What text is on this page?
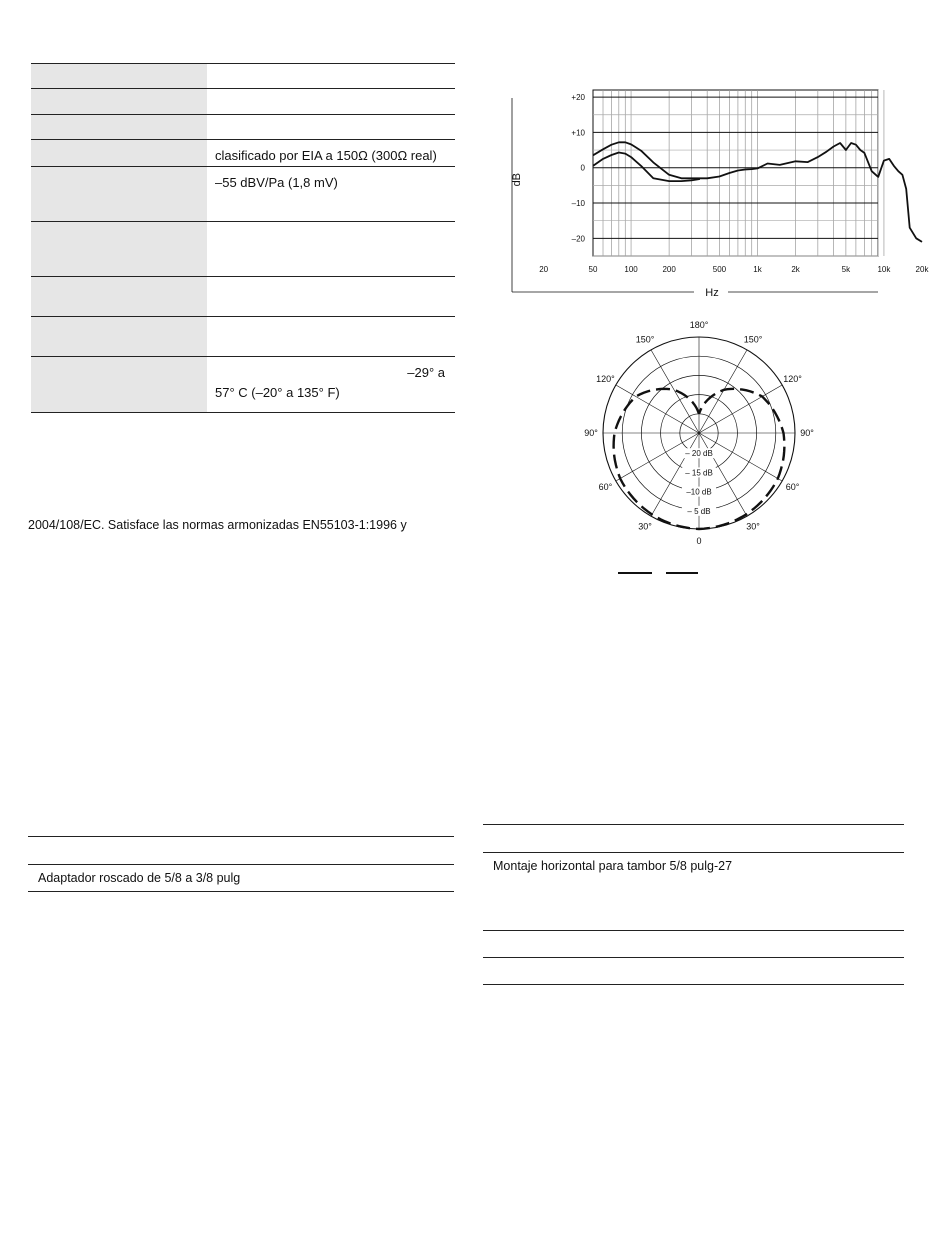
	clasificado por EIA a 150Ω (300Ω real)
	–55 dBV/Pa (1,8 mV)

	–29° a
57° C (–20° a 135° F)
2004/108/EC. Satisface las normas armonizadas EN55103-1:1996 y

Adaptador roscado de 5/8 a 3/8 pulg

Montaje horizontal para tambor 5/8 pulg-27

+20
+10
0
–10
–20
20	50	100	200	500	1k	2k	5k	10k	20k
dB
Hz
– 20 dB
– 15 dB
–10 dB
– 5 dB
180°
150°	150°
120°	120°
90°	90°
60°	60°
30°	30°
0
